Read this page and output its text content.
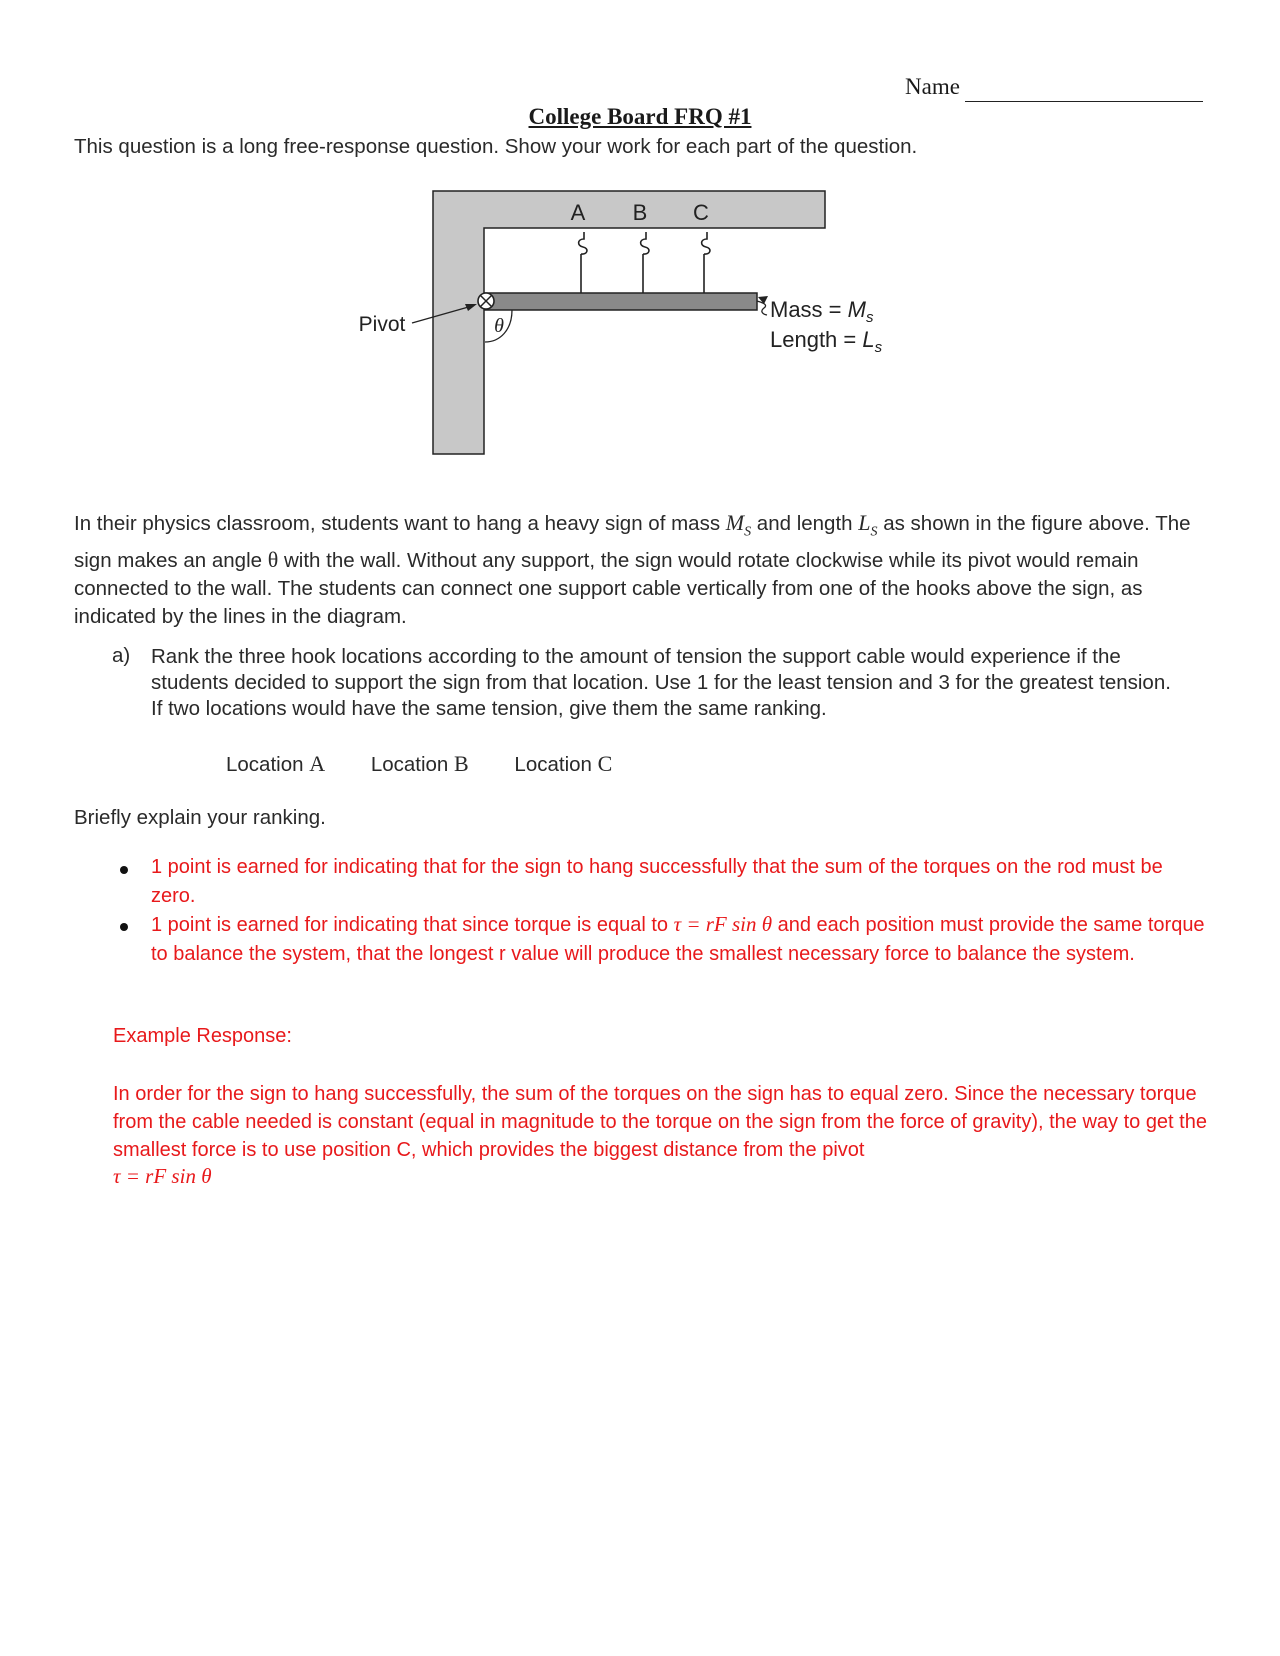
Name
College Board FRQ #1
This question is a long free-response question. Show your work for each part of the question.
A B C
Pivot	θ
Mass = $M_s$
Length = $L_s$
In their physics classroom, students want to hang a heavy sign of mass $M_S$ and length $L_S$ as shown in the figure above. The sign makes an angle θ with the wall. Without any support, the sign would rotate clockwise while its pivot would remain connected to the wall. The students can connect one support cable vertically from one of the hooks above the sign, as indicated by the lines in the diagram.
a) Rank the three hook locations according to the amount of tension the support cable would experience if the students decided to support the sign from that location. Use 1 for the least tension and 3 for the greatest tension. If two locations would have the same tension, give them the same ranking.
Location A Location B Location C
Briefly explain your ranking.
1 point is earned for indicating that for the sign to hang successfully that the sum of the torques on the rod must be zero.
1 point is earned for indicating that since torque is equal to τ = rF sin θ and each position must provide the same torque to balance the system, that the longest r value will produce the smallest necessary force to balance the system.
Example Response:
In order for the sign to hang successfully, the sum of the torques on the sign has to equal zero. Since the necessary torque from the cable needed is constant (equal in magnitude to the torque on the sign from the force of gravity), the way to get the smallest force is to use position C, which provides the biggest distance from the pivot
τ = rF sin θ
